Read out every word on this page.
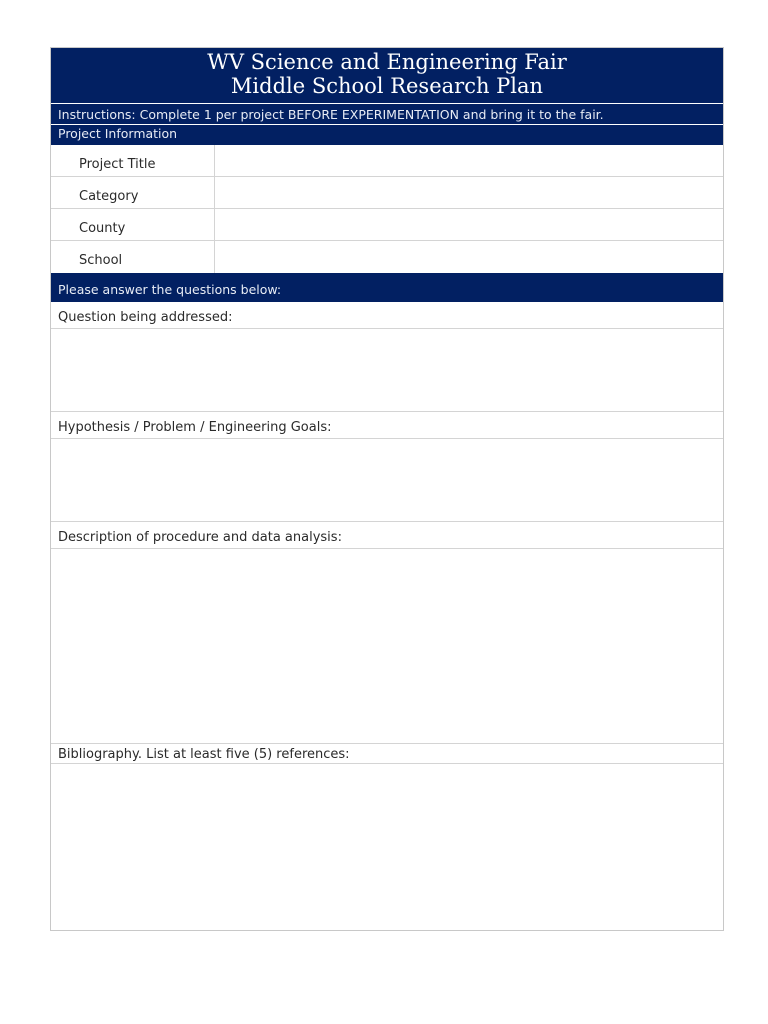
WV Science and Engineering Fair
Middle School Research Plan
Instructions: Complete 1 per project BEFORE EXPERIMENTATION and bring it to the fair.
Project Information
Project Title
Category
County
School
Please answer the questions below:
Question being addressed:
Hypothesis / Problem / Engineering Goals:
Description of procedure and data analysis:
Bibliography. List at least five (5) references:
